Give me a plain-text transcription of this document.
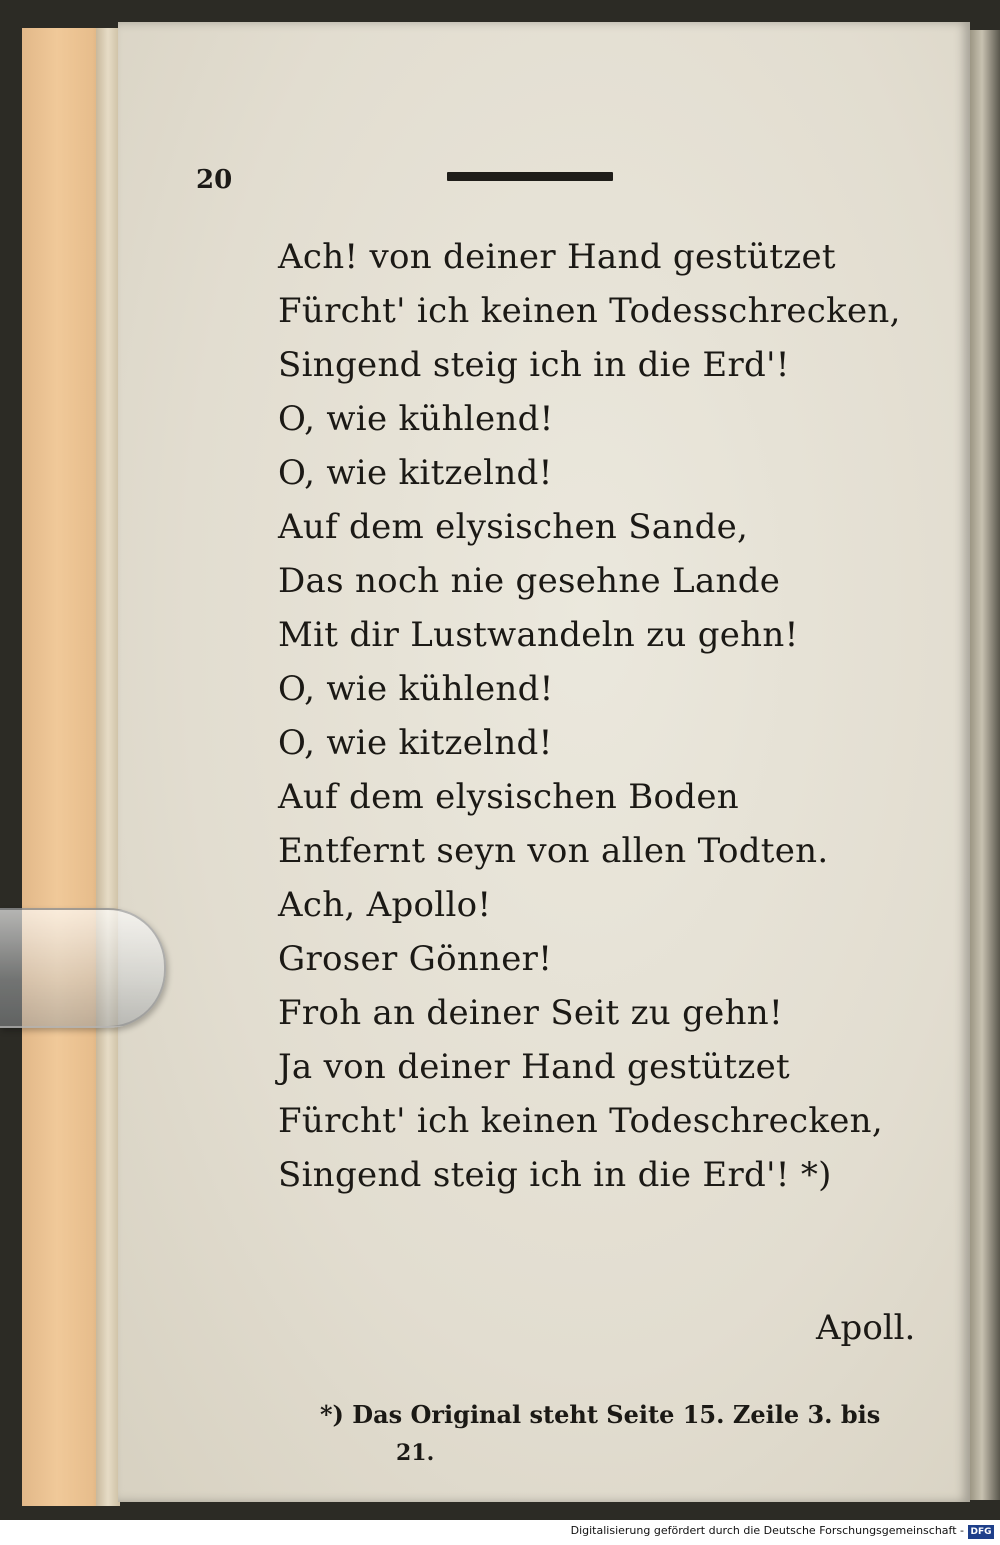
20
Ach! von deiner Hand gestützet
Fürcht' ich keinen Todesschrecken,
Singend steig ich in die Erd'!
O, wie kühlend!
O, wie kitzelnd!
Auf dem elysischen Sande,
Das noch nie gesehne Lande
Mit dir Lustwandeln zu gehn!
O, wie kühlend!
O, wie kitzelnd!
Auf dem elysischen Boden
Entfernt seyn von allen Todten.
Ach, Apollo!
Groser Gönner!
Froh an deiner Seit zu gehn!
Ja von deiner Hand gestützet
Fürcht' ich keinen Todeschrecken,
Singend steig ich in die Erd'! *)
Apoll.
*) Das Original steht Seite 15. Zeile 3. bis
21.
Digitalisierung gefördert durch die Deutsche Forschungsgemeinschaft - DFG
